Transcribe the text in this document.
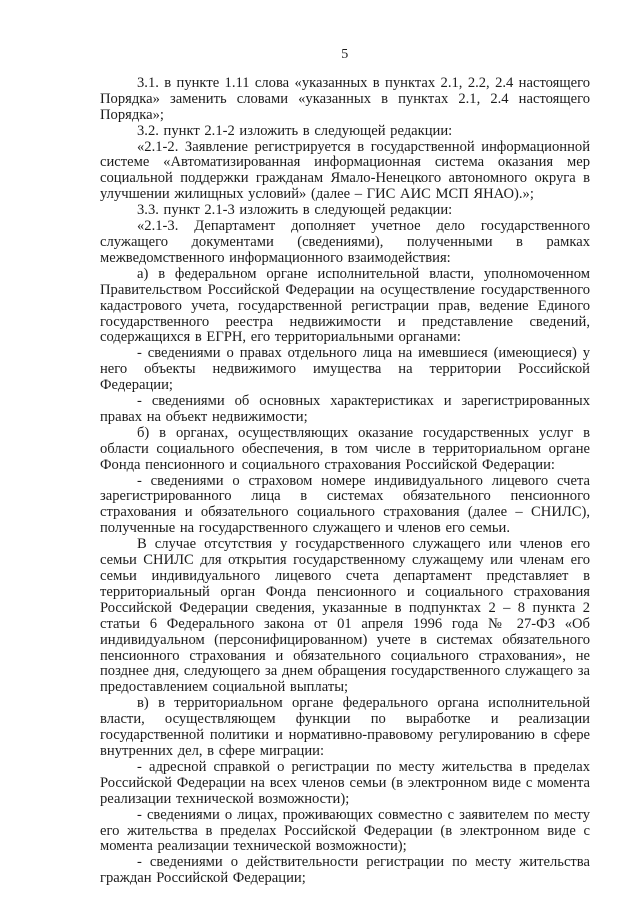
5

3.1. в пункте 1.11 слова «указанных в пунктах 2.1, 2.2, 2.4 настоящего Порядка» заменить словами «указанных в пунктах 2.1, 2.4 настоящего Порядка»;

3.2. пункт 2.1-2 изложить в следующей редакции:

«2.1-2. Заявление регистрируется в государственной информационной системе «Автоматизированная информационная система оказания мер социальной поддержки гражданам Ямало-Ненецкого автономного округа в улучшении жилищных условий» (далее – ГИС АИС МСП ЯНАО).»;

3.3. пункт 2.1-3 изложить в следующей редакции:

«2.1-3. Департамент дополняет учетное дело государственного служащего документами (сведениями), полученными в рамках межведомственного информационного взаимодействия:

а) в федеральном органе исполнительной власти, уполномоченном Правительством Российской Федерации на осуществление государственного кадастрового учета, государственной регистрации прав, ведение Единого государственного реестра недвижимости и представление сведений, содержащихся в ЕГРН, его территориальными органами:

- сведениями о правах отдельного лица на имевшиеся (имеющиеся) у него объекты недвижимого имущества на территории Российской Федерации;

- сведениями об основных характеристиках и зарегистрированных правах на объект недвижимости;

б) в органах, осуществляющих оказание государственных услуг в области социального обеспечения, в том числе в территориальном органе Фонда пенсионного и социального страхования Российской Федерации:

- сведениями о страховом номере индивидуального лицевого счета зарегистрированного лица в системах обязательного пенсионного страхования и обязательного социального страхования (далее – СНИЛС), полученные на государственного служащего и членов его семьи.

В случае отсутствия у государственного служащего или членов его семьи СНИЛС для открытия государственному служащему или членам его семьи индивидуального лицевого счета департамент представляет в территориальный орган Фонда пенсионного и социального страхования Российской Федерации сведения, указанные в подпунктах 2 – 8 пункта 2 статьи 6 Федерального закона от 01 апреля 1996 года № 27-ФЗ «Об индивидуальном (персонифицированном) учете в системах обязательного пенсионного страхования и обязательного социального страхования», не позднее дня, следующего за днем обращения государственного служащего за предоставлением социальной выплаты;

в) в территориальном органе федерального органа исполнительной власти, осуществляющем функции по выработке и реализации государственной политики и нормативно-правовому регулированию в сфере внутренних дел, в сфере миграции:

- адресной справкой о регистрации по месту жительства в пределах Российской Федерации на всех членов семьи (в электронном виде с момента реализации технической возможности);

- сведениями о лицах, проживающих совместно с заявителем по месту его жительства в пределах Российской Федерации (в электронном виде с момента реализации технической возможности);

- сведениями о действительности регистрации по месту жительства граждан Российской Федерации;
